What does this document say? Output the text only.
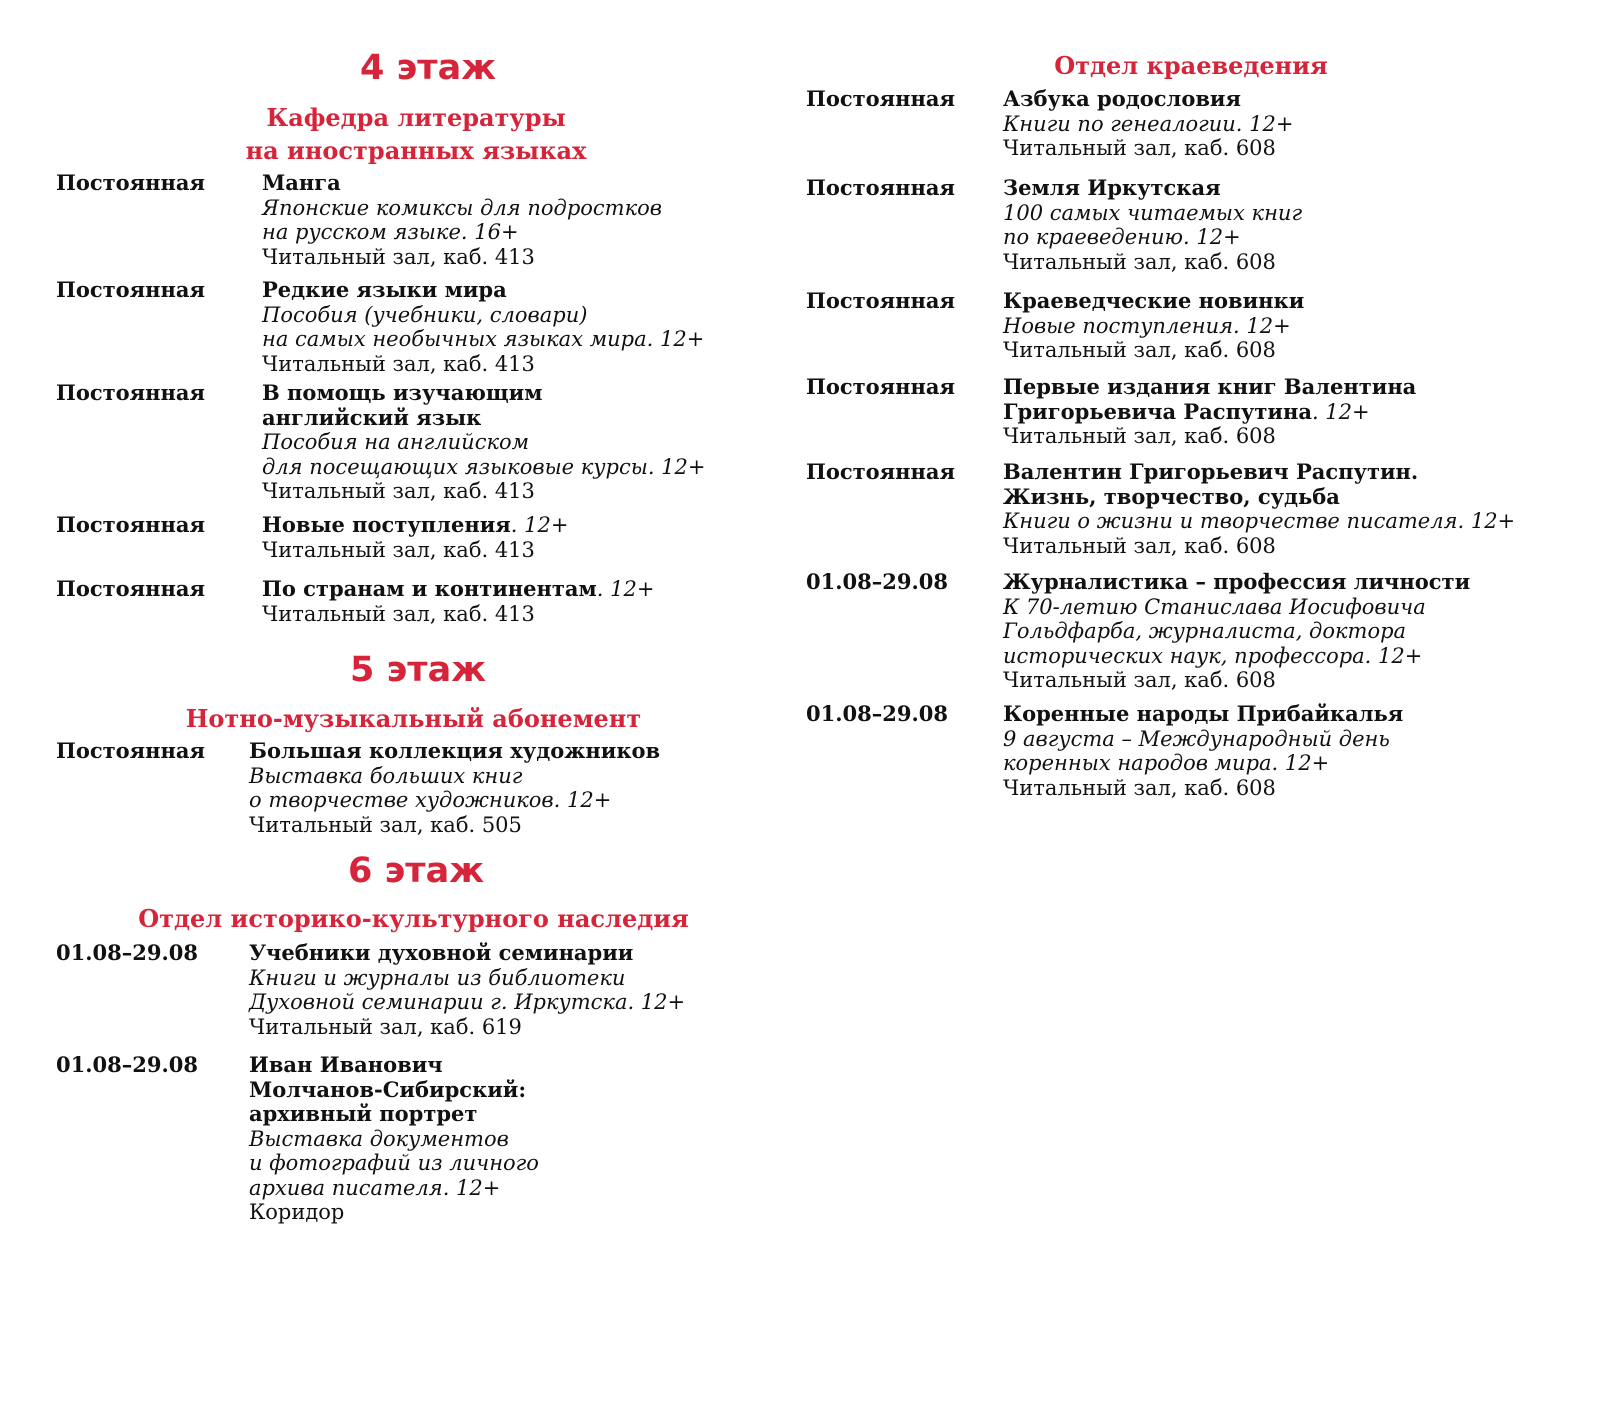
4 этаж
Кафедра литературы
на иностранных языках
Постоянная	Манга
Японские комиксы для подростков
на русском языке. 16+
Читальный зал, каб. 413
Постоянная	Редкие языки мира
Пособия (учебники, словари)
на самых необычных языках мира. 12+
Читальный зал, каб. 413
Постоянная	В помощь изучающим
английский язык
Пособия на английском
для посещающих языковые курсы. 12+
Читальный зал, каб. 413
Постоянная	Новые поступления. 12+
Читальный зал, каб. 413
Постоянная	По странам и континентам. 12+
Читальный зал, каб. 413
5 этаж
Нотно-музыкальный абонемент
Постоянная Большая коллекция художников
Выставка больших книг
о творчестве художников. 12+
Читальный зал, каб. 505
6 этаж
Отдел историко-культурного наследия
01.08–29.08 Учебники духовной семинарии
Книги и журналы из библиотеки
Духовной семинарии г. Иркутска. 12+
Читальный зал, каб. 619
01.08–29.08 Иван Иванович
Молчанов-Сибирский:
архивный портрет
Выставка документов
и фотографий из личного
архива писателя. 12+
Коридор
Отдел краеведения
Постоянная Азбука родословия
Книги по генеалогии. 12+
Читальный зал, каб. 608
Постоянная Земля Иркутская
100 самых читаемых книг
по краеведению. 12+
Читальный зал, каб. 608
Постоянная Краеведческие новинки
Новые поступления. 12+
Читальный зал, каб. 608
Постоянная Первые издания книг Валентина
Григорьевича Распутина. 12+
Читальный зал, каб. 608
Постоянная Валентин Григорьевич Распутин.
Жизнь, творчество, судьба
Книги о жизни и творчестве писателя. 12+
Читальный зал, каб. 608
01.08–29.08	Журналистика – профессия личности
К 70-летию Станислава Иосифовича
Гольдфарба, журналиста, доктора
исторических наук, профессора. 12+
Читальный зал, каб. 608
01.08–29.08	Коренные народы Прибайкалья
9 августа – Международный день
коренных народов мира. 12+
Читальный зал, каб. 608
